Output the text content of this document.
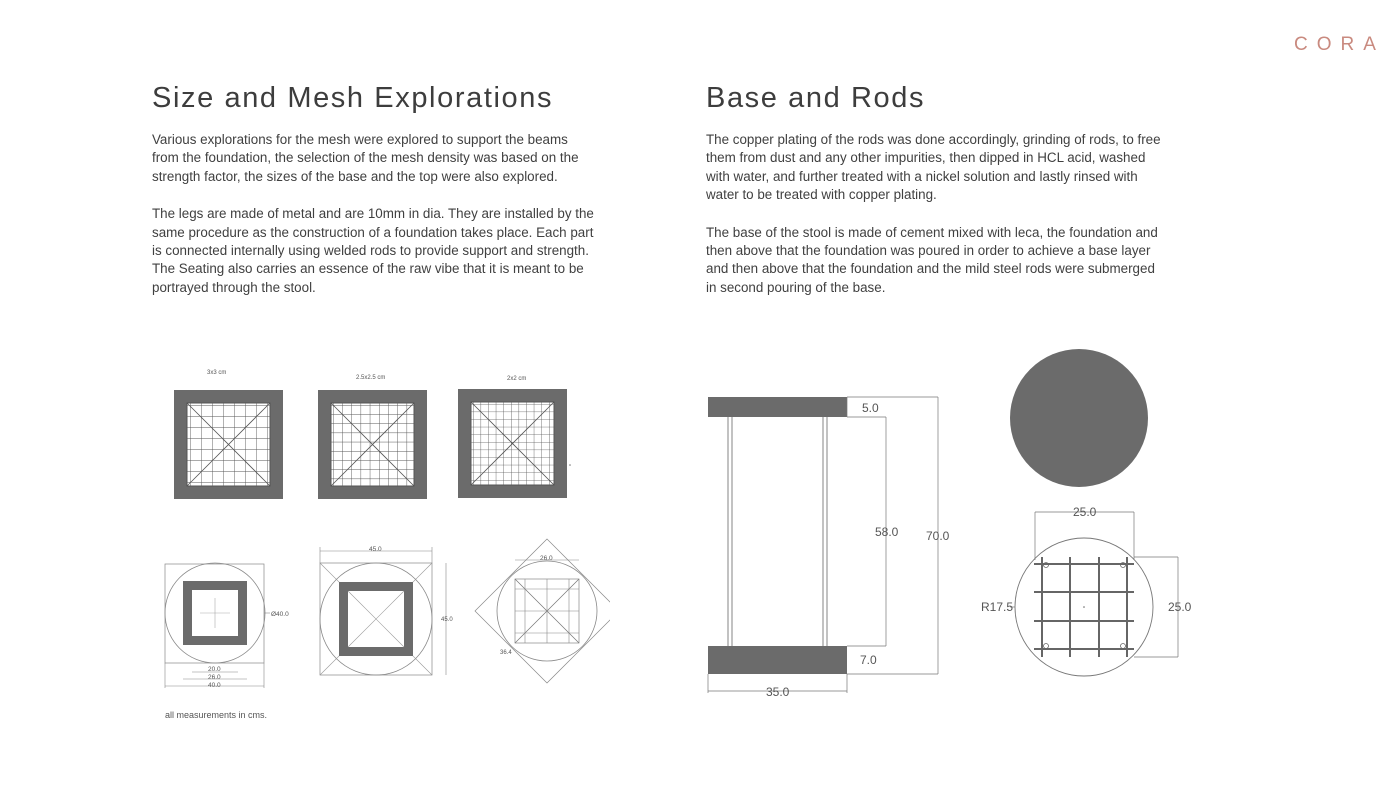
CORA
Size and Mesh Explorations

Various explorations for the mesh were explored to support the beams from the foundation, the selection of the mesh density was based on the strength factor, the sizes of the base and the top were also explored.

The legs are made of metal and are 10mm in dia. They are installed by the same procedure as the construction of a foundation takes place. Each part is connected internally using welded rods to provide support and strength. The Seating also carries an essence of the raw vibe that it is meant to be portrayed through the stool.

Base and Rods

The copper plating of the rods was done accordingly, grinding of rods, to free them from dust and any other impurities, then dipped in HCL acid, washed with water, and further treated with a nickel solution and lastly rinsed with water to be treated with copper plating.

The base of the stool is made of cement mixed with leca, the foundation and then above that the foundation was poured in order to achieve a base layer and then above that the foundation and the mild steel rods were submerged in second pouring of the base.

3x3 cm
2.5x2.5 cm	2x2 cm
Ø40.0
20.0
26.0
40.0
45.0
45.0
26.0
36.4
all measurements in cms.
5.0
58.0 70.0
7.0
35.0
25.0
25.0
R17.5
